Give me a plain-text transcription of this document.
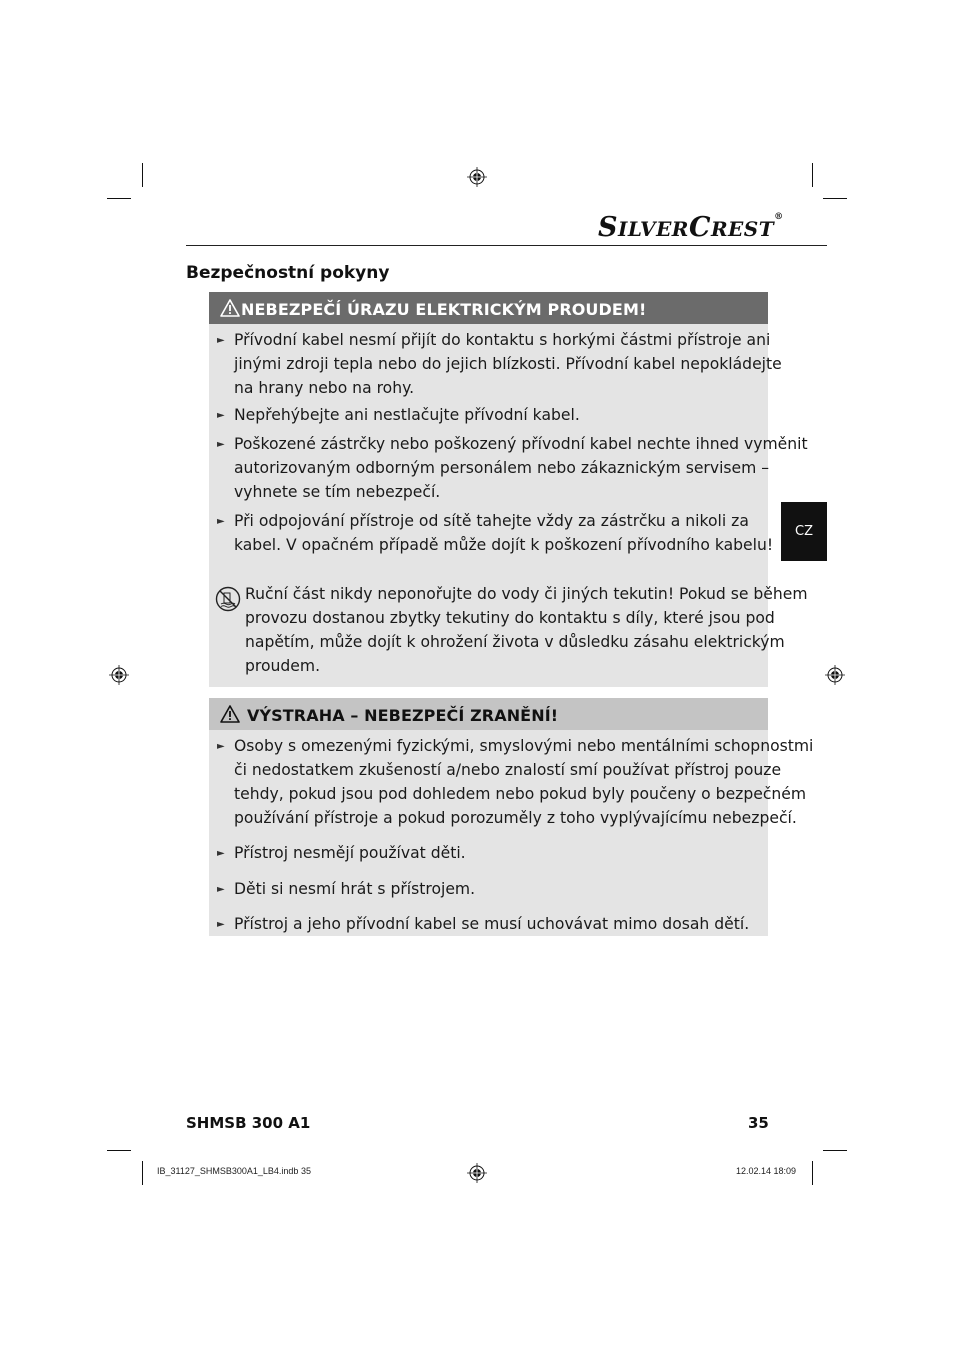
SILVERCREST®
Bezpečnostní pokyny
NEBEZPEČÍ ÚRAZU ELEKTRICKÝM PROUDEM!
► Přívodní kabel nesmí přijít do kontaktu s horkými částmi přístroje ani
jinými zdroji tepla nebo do jejich blízkosti. Přívodní kabel nepokládejte
na hrany nebo na rohy.
► Nepřehýbejte ani nestlačujte přívodní kabel.
► Poškozené zástrčky nebo poškozený přívodní kabel nechte ihned vyměnit
autorizovaným odborným personálem nebo zákaznickým servisem –
vyhnete se tím nebezpečí.
► Při odpojování přístroje od sítě tahejte vždy za zástrčku a nikoli za
kabel. V opačném případě může dojít k poškození přívodního kabelu!
Ruční část nikdy neponořujte do vody či jiných tekutin! Pokud se během
provozu dostanou zbytky tekutiny do kontaktu s díly, které jsou pod
napětím, může dojít k ohrožení života v důsledku zásahu elektrickým
proudem.
VÝSTRAHA – NEBEZPEČÍ ZRANĚNÍ!
► Osoby s omezenými fyzickými, smyslovými nebo mentálními schopnostmi
či nedostatkem zkušeností a/nebo znalostí smí používat přístroj pouze
tehdy, pokud jsou pod dohledem nebo pokud byly poučeny o bezpečném
používání přístroje a pokud porozuměly z toho vyplývajícímu nebezpečí.
► Přístroj nesmějí používat děti.
► Děti si nesmí hrát s přístrojem.
► Přístroj a jeho přívodní kabel se musí uchovávat mimo dosah dětí.
CZ
SHMSB 300 A1	35
IB_31127_SHMSB300A1_LB4.indb 35	12.02.14 18:09
